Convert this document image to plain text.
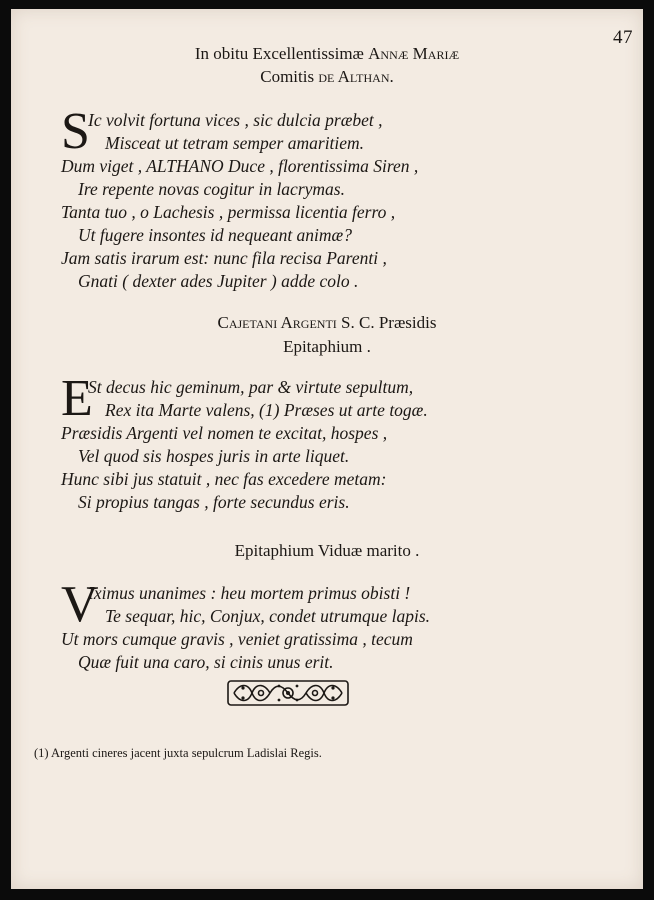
47
In obitu Excellentissimæ Annæ Mariæ
Comitis de Althan.
S
Ic volvit fortuna vices , sic dulcia præbet ,
Misceat ut tetram semper amaritiem.
Dum viget , ALTHANO Duce , florentissima Siren ,
Ire repente novas cogitur in lacrymas.
Tanta tuo , o Lachesis , permissa licentia ferro ,
Ut fugere insontes id nequeant animæ?
Jam satis irarum est: nunc fila recisa Parenti ,
Gnati ( dexter ades Jupiter ) adde colo .
Cajetani Argenti S. C. Præsidis
Epitaphium .
E
St decus hic geminum, par & virtute sepultum,
Rex ita Marte valens, (1) Præses ut arte togæ.
Præsidis Argenti vel nomen te excitat, hospes ,
Vel quod sis hospes juris in arte liquet.
Hunc sibi jus statuit , nec fas excedere metam:
Si propius tangas , forte secundus eris.
Epitaphium Viduæ marito .
V
Iximus unanimes : heu mortem primus obisti !
Te sequar, hic, Conjux, condet utrumque lapis.
Ut mors cumque gravis , veniet gratissima , tecum
Quæ fuit una caro, si cinis unus erit.
(1) Argenti cineres jacent juxta sepulcrum Ladislai Regis.
